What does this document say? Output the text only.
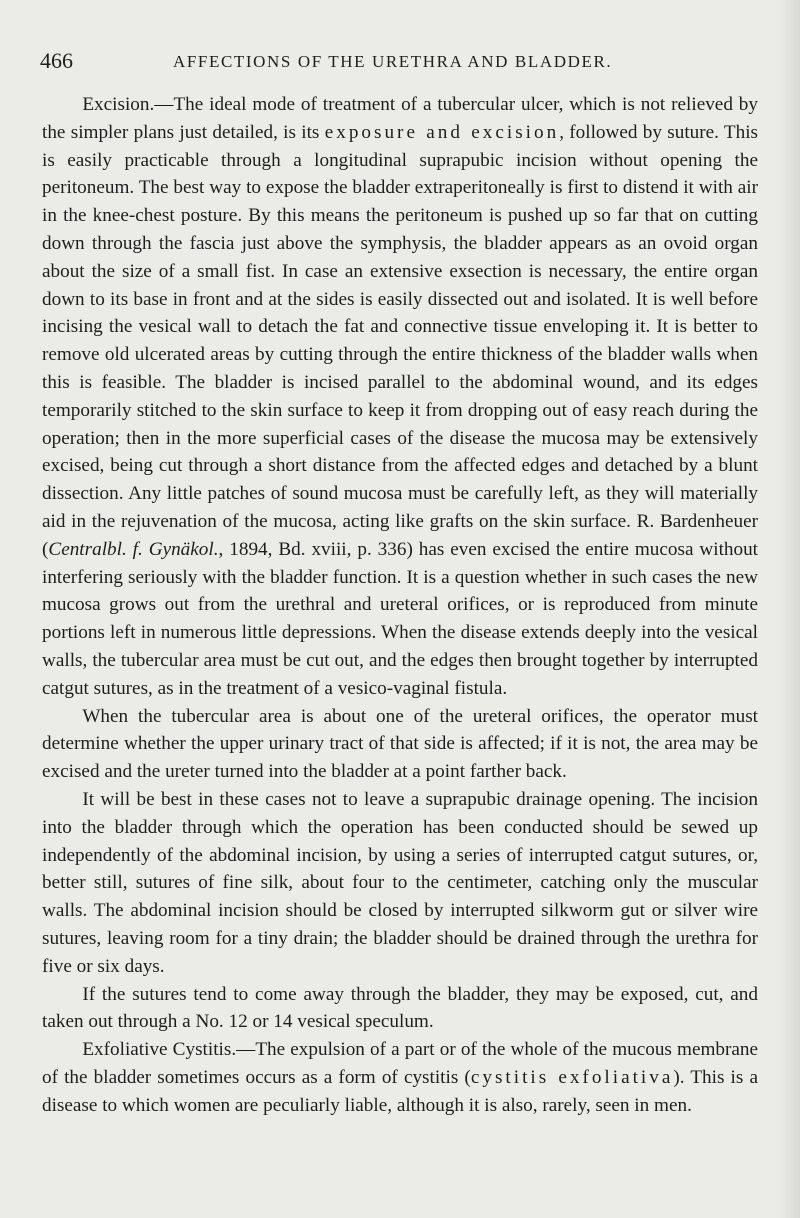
466	AFFECTIONS OF THE URETHRA AND BLADDER.

Excision.—The ideal mode of treatment of a tubercular ulcer, which is not relieved by the simpler plans just detailed, is its exposure and excision, followed by suture. This is easily practicable through a longitudinal suprapubic incision without opening the peritoneum. The best way to expose the bladder extraperitoneally is first to distend it with air in the knee-chest posture. By this means the peritoneum is pushed up so far that on cutting down through the fascia just above the symphysis, the bladder appears as an ovoid organ about the size of a small fist. In case an extensive exsection is necessary, the entire organ down to its base in front and at the sides is easily dissected out and isolated. It is well before incising the vesical wall to detach the fat and connective tissue enveloping it. It is better to remove old ulcerated areas by cutting through the entire thickness of the bladder walls when this is feasible. The bladder is incised parallel to the abdominal wound, and its edges temporarily stitched to the skin surface to keep it from dropping out of easy reach during the operation; then in the more superficial cases of the disease the mucosa may be extensively excised, being cut through a short distance from the affected edges and detached by a blunt dissection. Any little patches of sound mucosa must be carefully left, as they will materially aid in the rejuvenation of the mucosa, acting like grafts on the skin surface. R. Bardenheuer (Centralbl. f. Gynäkol., 1894, Bd. xviii, p. 336) has even excised the entire mucosa without interfering seriously with the bladder function. It is a question whether in such cases the new mucosa grows out from the urethral and ureteral orifices, or is reproduced from minute portions left in numerous little depressions. When the disease extends deeply into the vesical walls, the tubercular area must be cut out, and the edges then brought together by interrupted catgut sutures, as in the treatment of a vesico-vaginal fistula.

When the tubercular area is about one of the ureteral orifices, the operator must determine whether the upper urinary tract of that side is affected; if it is not, the area may be excised and the ureter turned into the bladder at a point farther back.

It will be best in these cases not to leave a suprapubic drainage opening. The incision into the bladder through which the operation has been conducted should be sewed up independently of the abdominal incision, by using a series of interrupted catgut sutures, or, better still, sutures of fine silk, about four to the centimeter, catching only the muscular walls. The abdominal incision should be closed by interrupted silkworm gut or silver wire sutures, leaving room for a tiny drain; the bladder should be drained through the urethra for five or six days.

If the sutures tend to come away through the bladder, they may be exposed, cut, and taken out through a No. 12 or 14 vesical speculum.

Exfoliative Cystitis.—The expulsion of a part or of the whole of the mucous membrane of the bladder sometimes occurs as a form of cystitis (cystitis exfoliativa). This is a disease to which women are peculiarly liable, although it is also, rarely, seen in men.
